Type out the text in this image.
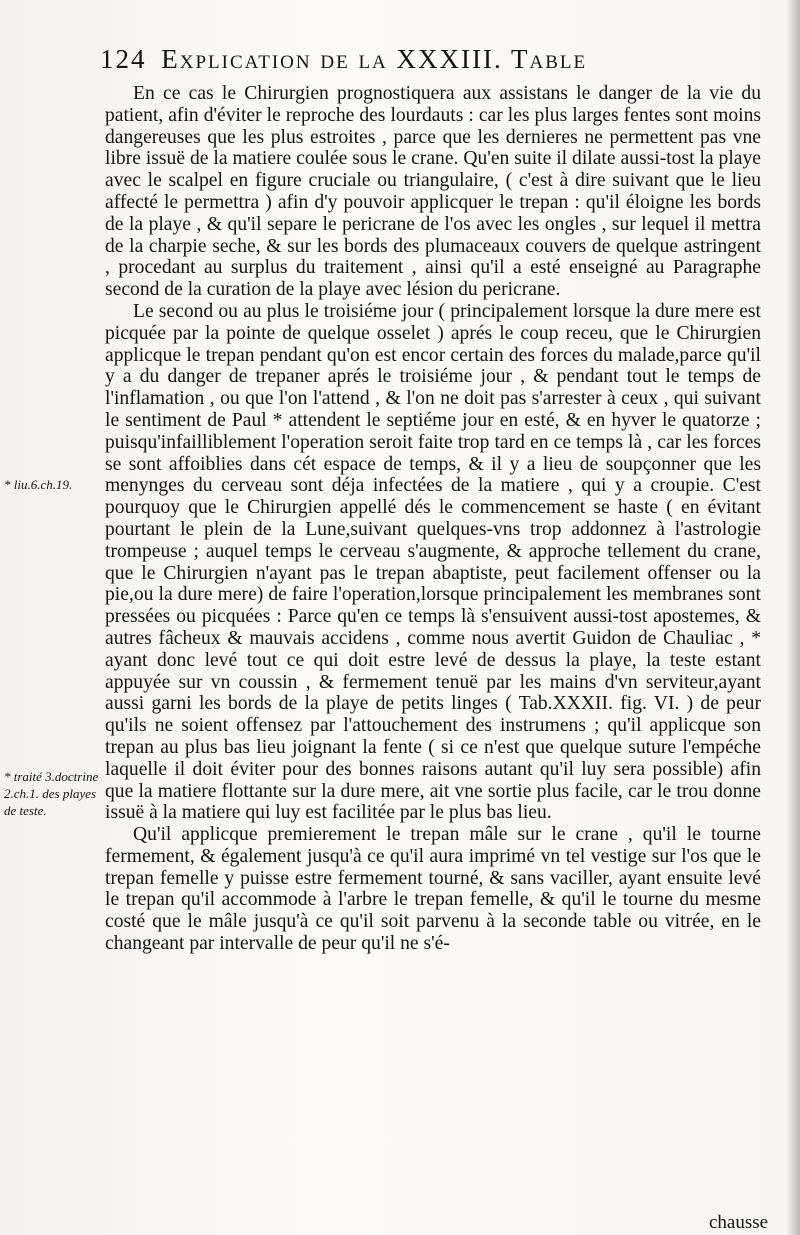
124 Explication de la XXXIII. Table
* liu.6.ch.19.
* traité 3.doctrine 2.ch.1. des playes de teste.

En ce cas le Chirurgien prognostiquera aux assistans le danger de la vie du patient, afin d'éviter le reproche des lourdauts : car les plus larges fentes sont moins dangereuses que les plus estroites , parce que les dernieres ne permettent pas vne libre issuë de la matiere coulée sous le crane. Qu'en suite il dilate aussi-tost la playe avec le scalpel en figure cruciale ou triangulaire, ( c'est à dire suivant que le lieu affecté le permettra ) afin d'y pouvoir applicquer le trepan : qu'il éloigne les bords de la playe , & qu'il separe le pericrane de l'os avec les ongles , sur lequel il mettra de la charpie seche, & sur les bords des plumaceaux couvers de quelque astringent , procedant au surplus du traitement , ainsi qu'il a esté enseigné au Paragraphe second de la curation de la playe avec lésion du pericrane.

Le second ou au plus le troisiéme jour ( principalement lorsque la dure mere est picquée par la pointe de quelque osselet ) aprés le coup receu, que le Chirurgien applicque le trepan pendant qu'on est encor certain des forces du malade,parce qu'il y a du danger de trepaner aprés le troisiéme jour , & pendant tout le temps de l'inflamation , ou que l'on l'attend , & l'on ne doit pas s'arrester à ceux , qui suivant le sentiment de Paul * attendent le septiéme jour en esté, & en hyver le quatorze ; puisqu'infailliblement l'operation seroit faite trop tard en ce temps là , car les forces se sont affoiblies dans cét espace de temps, & il y a lieu de soupçonner que les menynges du cerveau sont déja infectées de la matiere , qui y a croupie. C'est pourquoy que le Chirurgien appellé dés le commencement se haste ( en évitant pourtant le plein de la Lune,suivant quelques-vns trop addonnez à l'astrologie trompeuse ; auquel temps le cerveau s'augmente, & approche tellement du crane, que le Chirurgien n'ayant pas le trepan abaptiste, peut facilement offenser ou la pie,ou la dure mere) de faire l'operation,lorsque principalement les membranes sont pressées ou picquées : Parce qu'en ce temps là s'ensuivent aussi-tost apostemes, & autres fâcheux & mauvais accidens , comme nous avertit Guidon de Chauliac , * ayant donc levé tout ce qui doit estre levé de dessus la playe, la teste estant appuyée sur vn coussin , & fermement tenuë par les mains d'vn serviteur,ayant aussi garni les bords de la playe de petits linges ( Tab.XXXII. fig. VI. ) de peur qu'ils ne soient offensez par l'attouchement des instrumens ; qu'il applicque son trepan au plus bas lieu joignant la fente ( si ce n'est que quelque suture l'empéche laquelle il doit éviter pour des bonnes raisons autant qu'il luy sera possible) afin que la matiere flottante sur la dure mere, ait vne sortie plus facile, car le trou donne issuë à la matiere qui luy est facilitée par le plus bas lieu.

Qu'il applicque premierement le trepan mâle sur le crane , qu'il le tourne fermement, & également jusqu'à ce qu'il aura imprimé vn tel vestige sur l'os que le trepan femelle y puisse estre fermement tourné, & sans vaciller, ayant ensuite levé le trepan qu'il accommode à l'arbre le trepan femelle, & qu'il le tourne du mesme costé que le mâle jusqu'à ce qu'il soit parvenu à la seconde table ou vitrée, en le changeant par intervalle de peur qu'il ne s'é-

chausse
